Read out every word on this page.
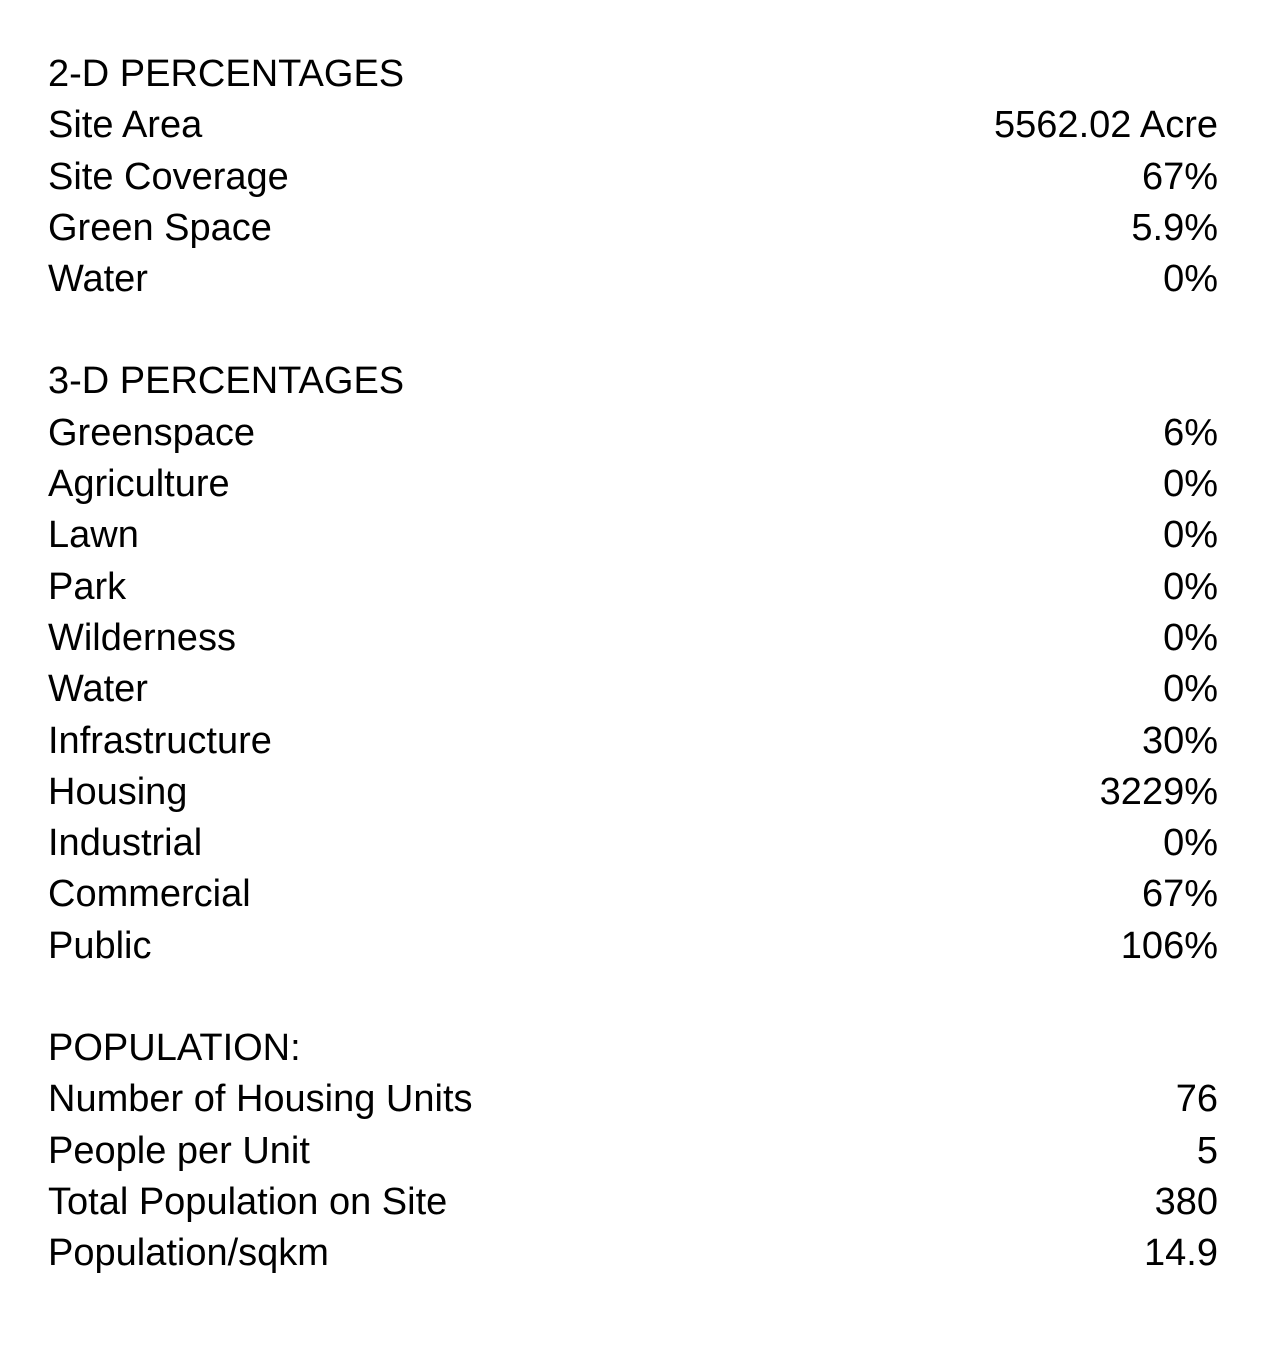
2-D PERCENTAGES
Site Area	5562.02 Acre
Site Coverage	67%
Green Space	5.9%
Water	0%
3-D PERCENTAGES
Greenspace	6%
Agriculture	0%
Lawn	0%
Park	0%
Wilderness	0%
Water	0%
Infrastructure	30%
Housing	3229%
Industrial	0%
Commercial	67%
Public	106%
POPULATION:
Number of Housing Units	76
People per Unit	5
Total Population on Site	380
Population/sqkm	14.9
